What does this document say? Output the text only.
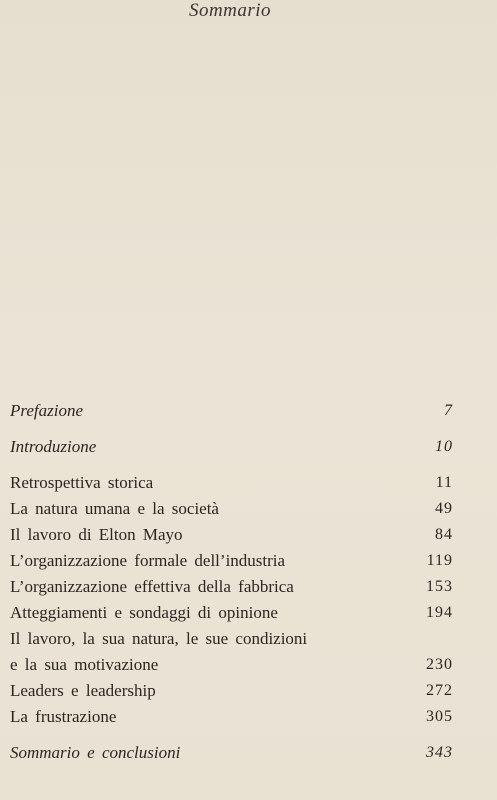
Sommario
Prefazione	7
Introduzione	10
Retrospettiva storica	11
La natura umana e la società	49
Il lavoro di Elton Mayo	84
L’organizzazione formale dell’industria	119
L’organizzazione effettiva della fabbrica	153
Atteggiamenti e sondaggi di opinione	194
Il lavoro, la sua natura, le sue condizioni
e la sua motivazione	230
Leaders e leadership	272
La frustrazione	305
Sommario e conclusioni	343
